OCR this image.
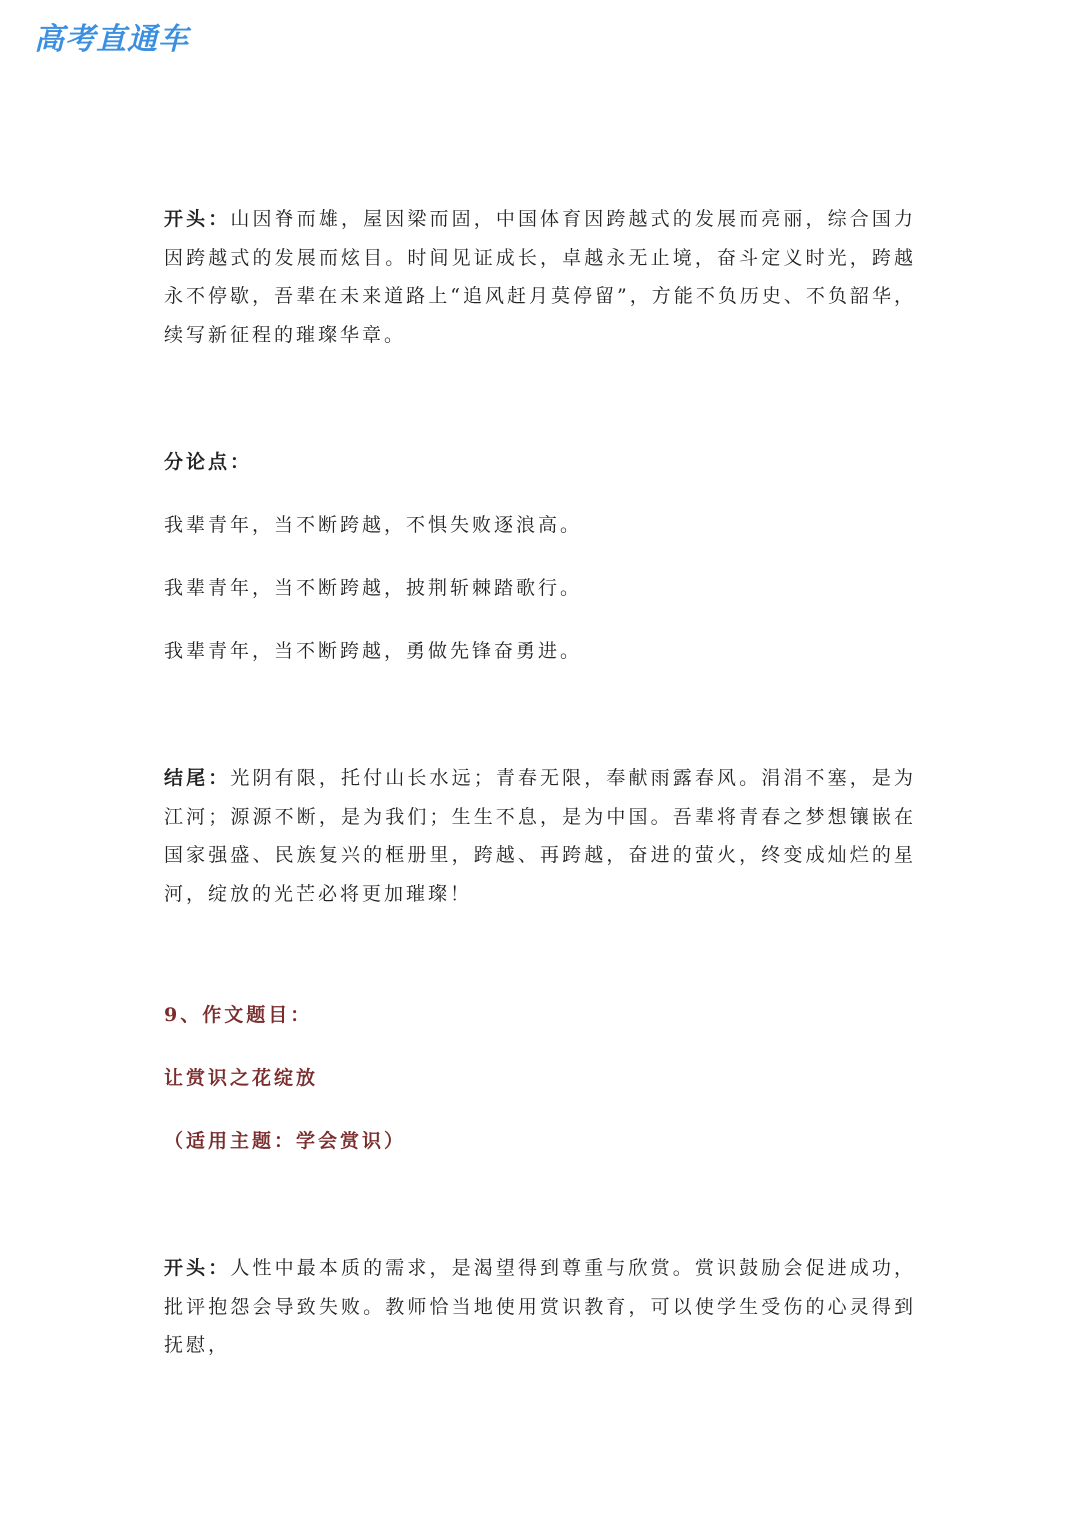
高考直通车

开头：山因脊而雄，屋因梁而固，中国体育因跨越式的发展而亮丽，综合国力因跨越式的发展而炫目。时间见证成长，卓越永无止境，奋斗定义时光，跨越永不停歇，吾辈在未来道路上“追风赶月莫停留”，方能不负历史、不负韶华，续写新征程的璀璨华章。

分论点：

我辈青年，当不断跨越，不惧失败逐浪高。

我辈青年，当不断跨越，披荆斩棘踏歌行。

我辈青年，当不断跨越，勇做先锋奋勇进。

结尾：光阴有限，托付山长水远；青春无限，奉献雨露春风。涓涓不塞，是为江河；源源不断，是为我们；生生不息，是为中国。吾辈将青春之梦想镶嵌在国家强盛、民族复兴的框册里，跨越、再跨越，奋进的萤火，终变成灿烂的星河，绽放的光芒必将更加璀璨！

9、作文题目：

让赏识之花绽放

（适用主题：学会赏识）

开头：人性中最本质的需求，是渴望得到尊重与欣赏。赏识鼓励会促进成功，批评抱怨会导致失败。教师恰当地使用赏识教育，可以使学生受伤的心灵得到抚慰，
